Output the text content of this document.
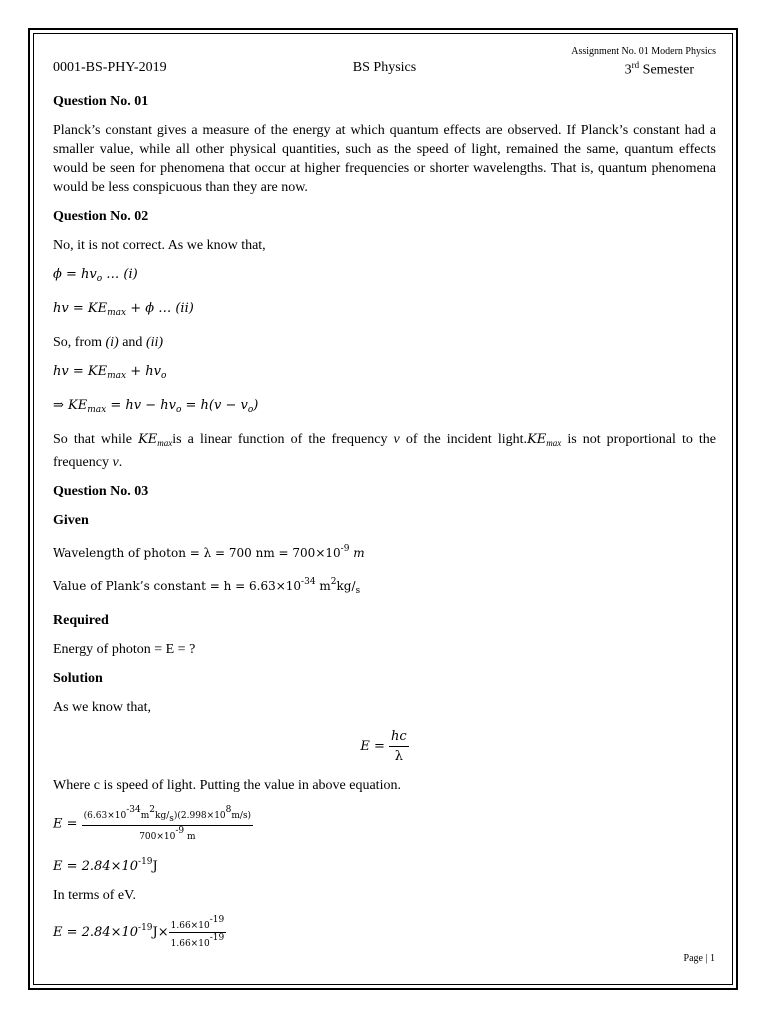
Assignment No. 01 Modern Physics
0001-BS-PHY-2019	BS Physics	3rd Semester
Question No. 01
Planck’s constant gives a measure of the energy at which quantum effects are observed. If Planck’s constant had a smaller value, while all other physical quantities, such as the speed of light, remained the same, quantum effects would be seen for phenomena that occur at higher frequencies or shorter wavelengths. That is, quantum phenomena would be less conspicuous than they are now.
Question No. 02
No, it is not correct. As we know that,
$\phi = hv_o$ … (i)
hv = $KE_{max} + \phi$ … (ii)
So, from (i) and (ii)
hv = $KE_{max} + hv_o$
⇒ $KE_{max}$ = hv − $hv_o = h(v - v_o)$
So that while $KE_{max}is$ a linear function of the frequency v of the incident $light.KE_{max}$ is not proportional to the frequency v.
Question No. 03
Given
Wavelength of photon = λ = 700 nm = $700\times 10^{-9}$ m
Value of Plank’s constant = $h = 6.63\times 10^{-34}$ $m^2kg/_s$
Required
Energy of photon = E = ?
Solution
As we know that,
$E = \frac{hc}{\lambda}$
Where c is speed of light. Putting the value in above equation.
$E = \frac{(6.63\times 10-34m2kg/s)(2.998\times 108m/s)}{700\times 10-9 m}$
$E = 2.84\times 10^{-19}J$
In terms of eV.
$E = 2.84\times 10^{-19}J\times \frac{1.66\times 10-19}{1.66\times 10-19}$
Page | 1
